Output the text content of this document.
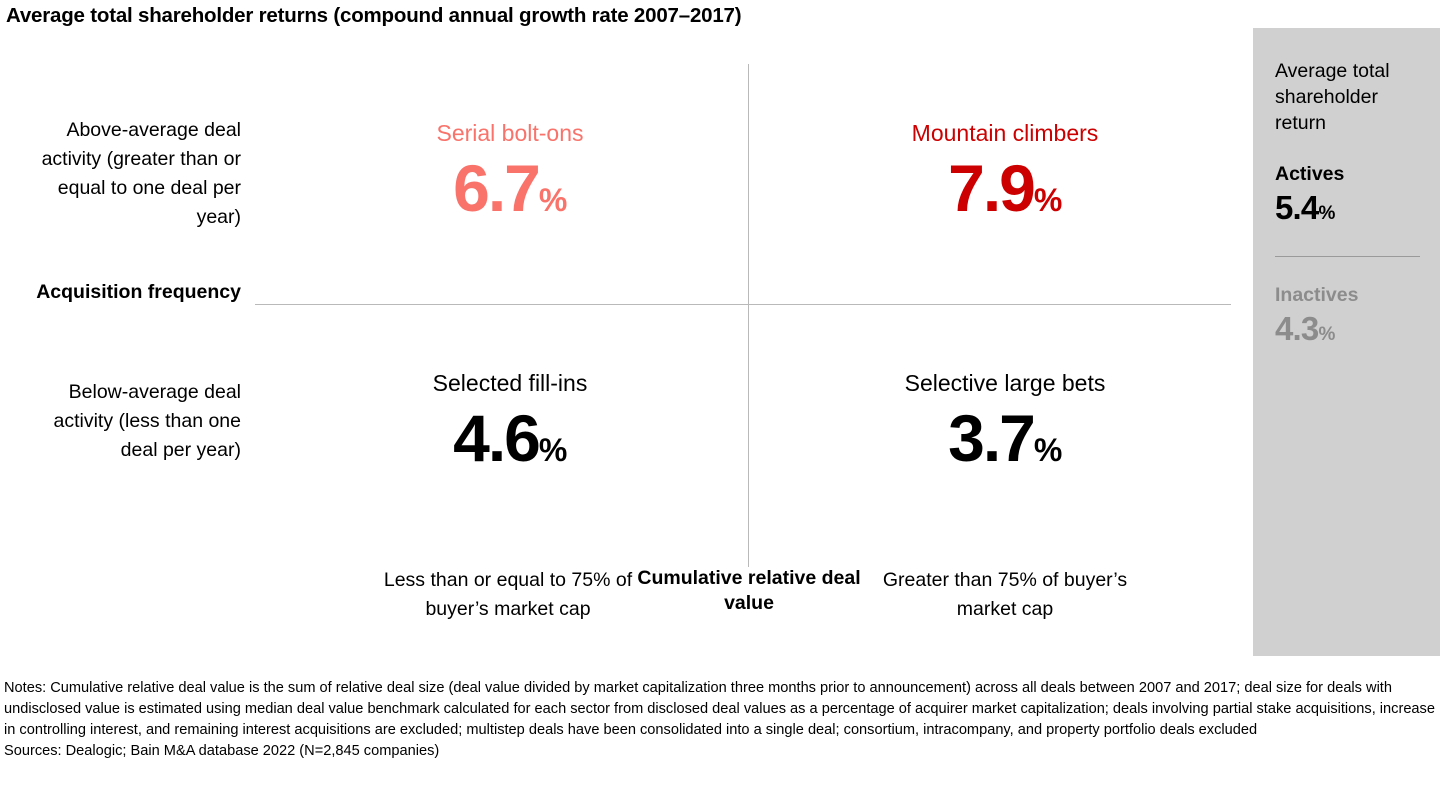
Average total shareholder returns (compound annual growth rate 2007–2017)
Above-average deal activity (greater than or equal to one deal per year)
Acquisition frequency
Below-average deal activity (less than one deal per year)
Serial bolt-ons
6.7%
Mountain climbers
7.9%
Selected fill-ins
4.6%
Selective large bets
3.7%
Less than or equal to 75% of buyer’s market cap
Cumulative relative deal value
Greater than 75% of buyer’s market cap
Average total shareholder return
Actives
5.4%
Inactives
4.3%

Notes: Cumulative relative deal value is the sum of relative deal size (deal value divided by market capitalization three months prior to announcement) across all deals between 2007 and 2017; deal size for deals with undisclosed value is estimated using median deal value benchmark calculated for each sector from disclosed deal values as a percentage of acquirer market capitalization; deals involving partial stake acquisitions, increase in controlling interest, and remaining interest acquisitions are excluded; multistep deals have been consolidated into a single deal; consortium, intracompany, and property portfolio deals excluded

Sources: Dealogic; Bain M&A database 2022 (N=2,845 companies)
